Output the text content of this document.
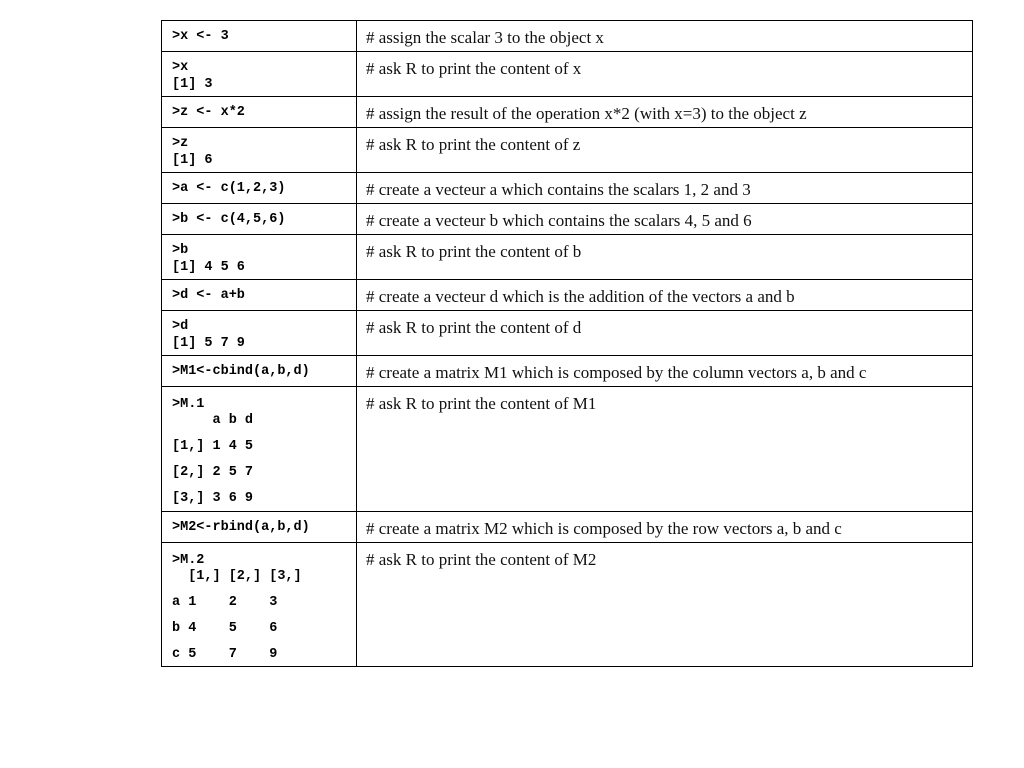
>x <- 3	# assign the scalar 3 to the object x

>x
[1] 3	# ask R to print the content of x

>z <- x*2	# assign the result of the operation x*2 (with x=3) to the object z

>z
[1] 6	# ask R to print the content of z

>a <- c(1,2,3)	# create a vecteur a which contains the scalars 1, 2 and 3

>b <- c(4,5,6)	# create a vecteur b which contains the scalars 4, 5 and 6

>b
[1] 4 5 6	# ask R to print the content of b

>d <- a+b	# create a vecteur d which is the addition of the vectors a and b

>d
[1] 5 7 9	# ask R to print the content of d

>M1<-cbind(a,b,d)	# create a matrix M1 which is composed by the column vectors a, b and c

>M.1
a b d
[1,] 1 4 5
[2,] 2 5 7
[3,] 3 6 9	# ask R to print the content of M1

>M2<-rbind(a,b,d)	# create a matrix M2 which is composed by the row vectors a, b and c

>M.2
[1,] [2,] [3,]
a 1    2    3
b 4    5    6
c 5    7    9	# ask R to print the content of M2
